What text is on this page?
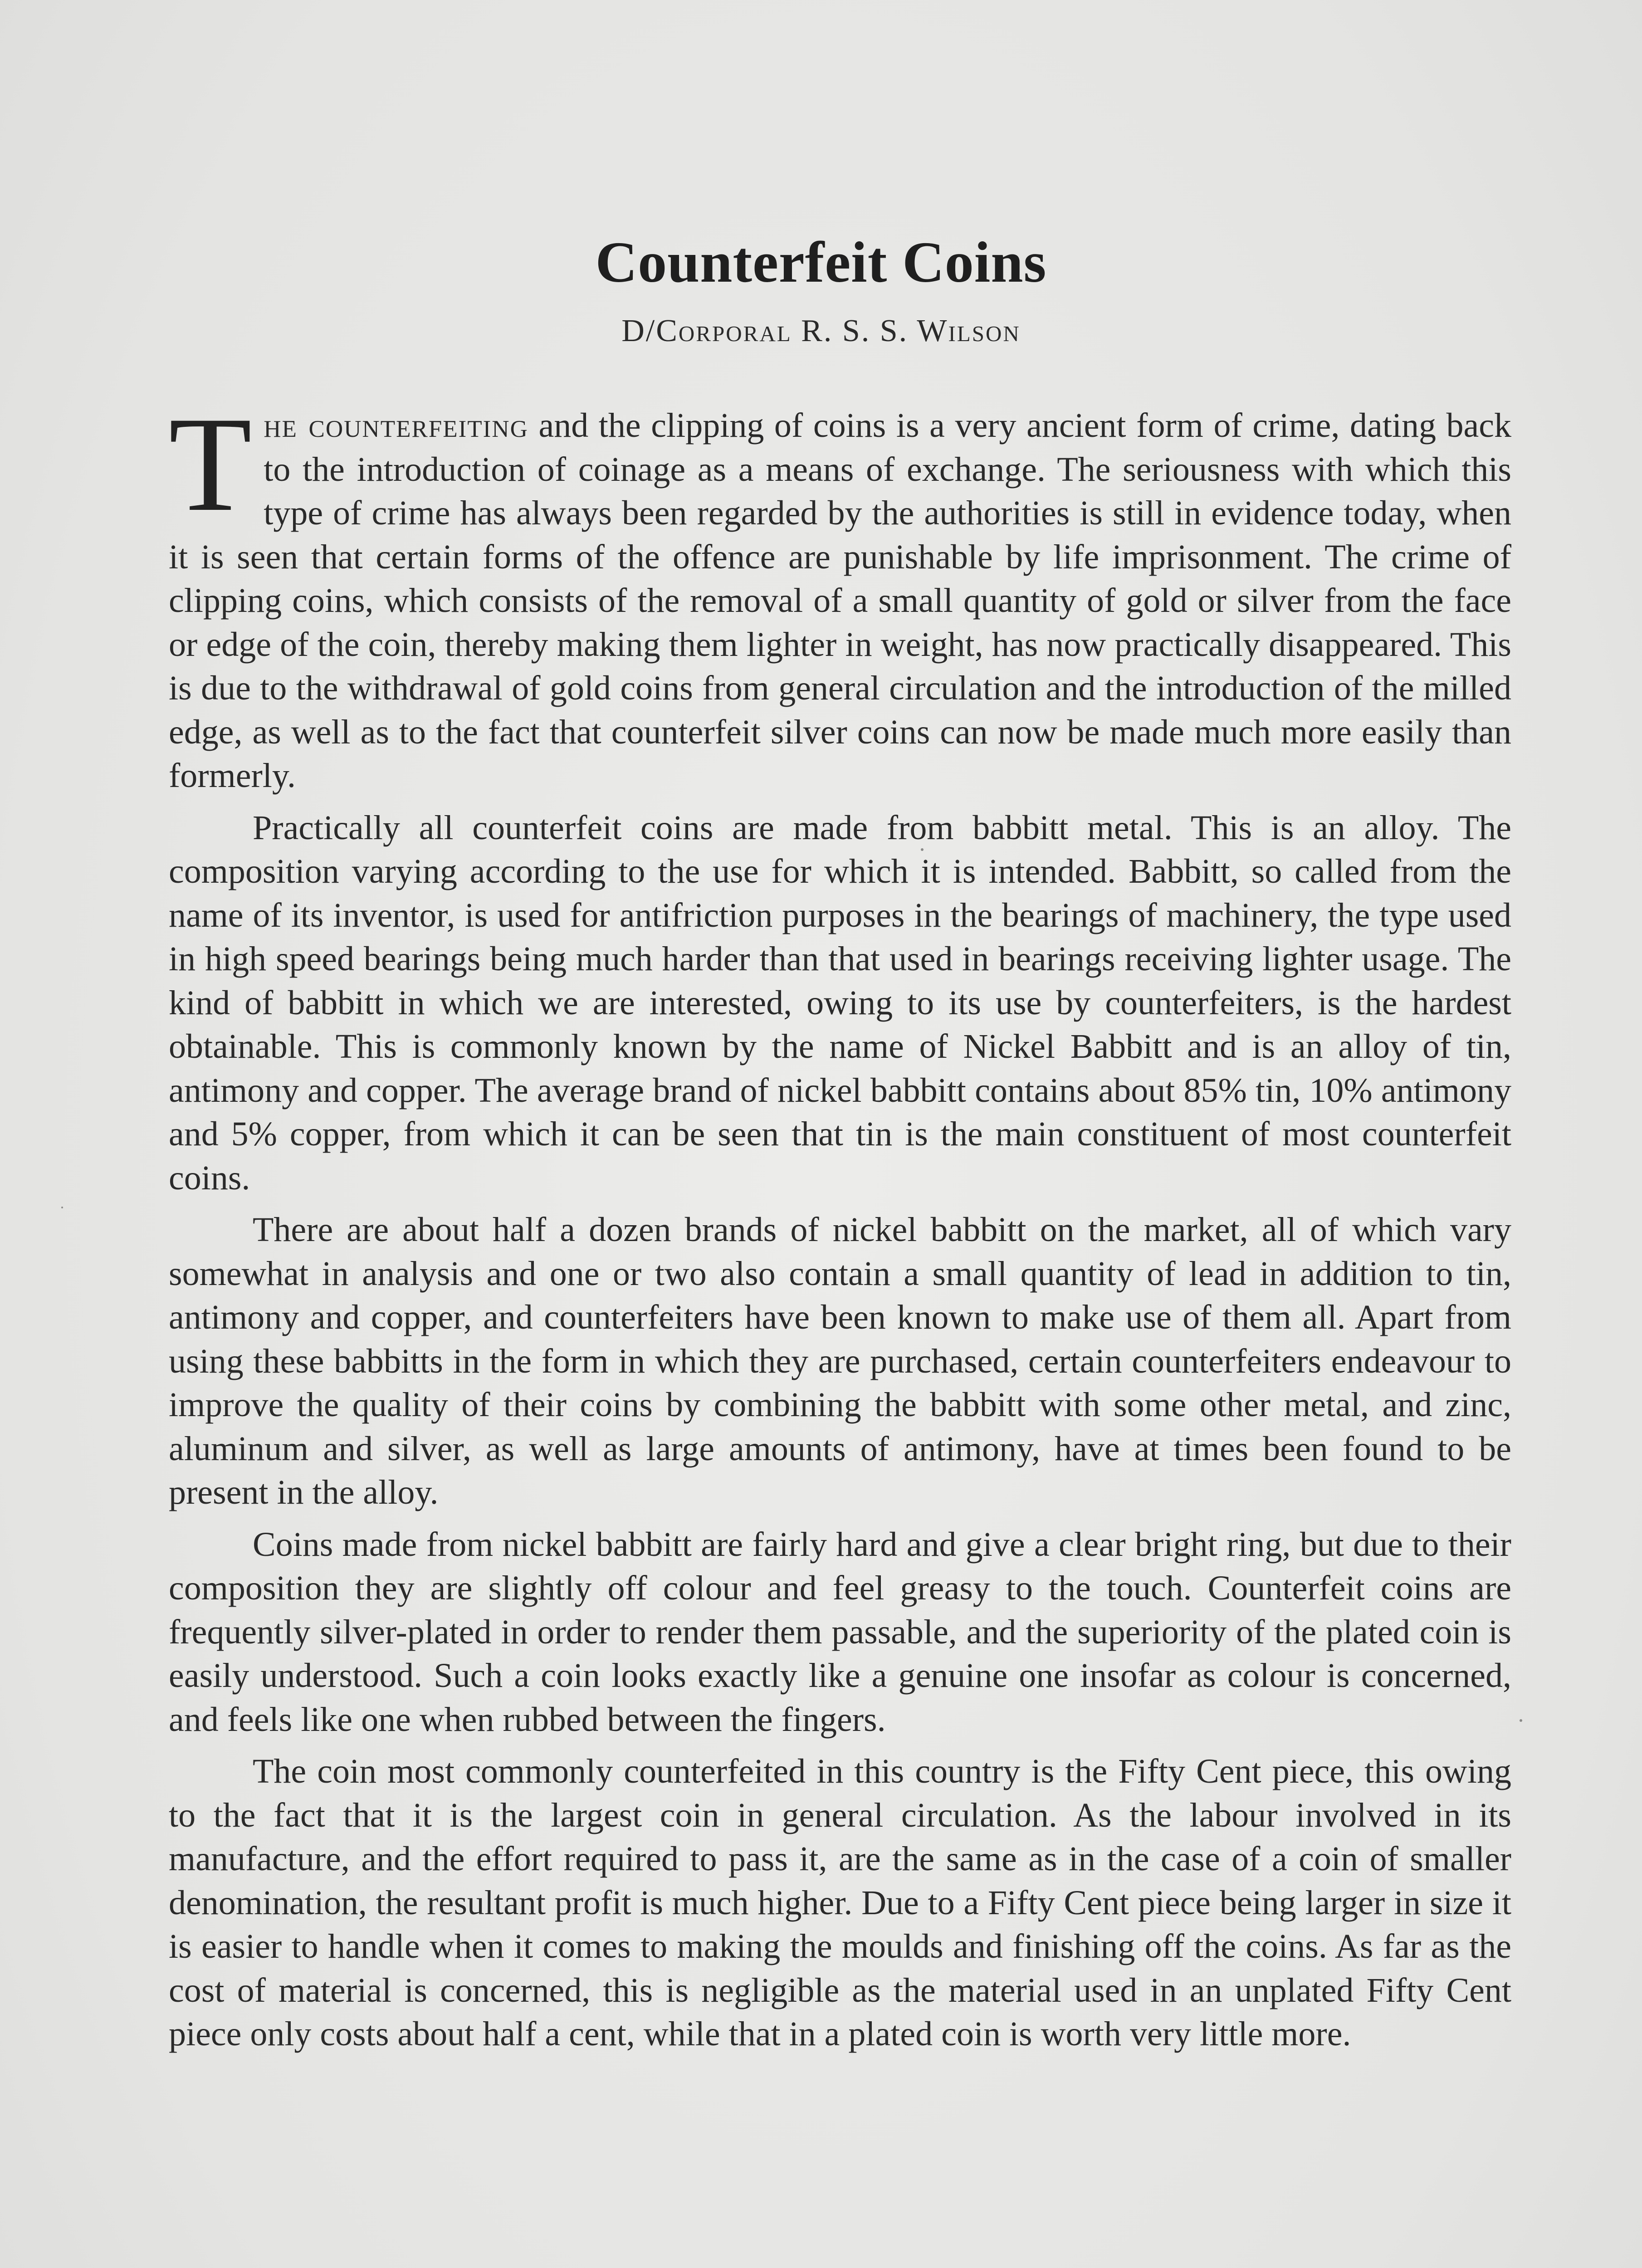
Counterfeit Coins

D/Corporal R. S. S. Wilson

The counterfeiting and the clipping of coins is a very ancient form of crime, dating back to the introduction of coinage as a means of exchange. The seriousness with which this type of crime has always been regarded by the authorities is still in evidence today, when it is seen that certain forms of the offence are punishable by life imprisonment. The crime of clipping coins, which consists of the removal of a small quantity of gold or silver from the face or edge of the coin, thereby making them lighter in weight, has now practically disappeared. This is due to the withdrawal of gold coins from general circulation and the introduction of the milled edge, as well as to the fact that counterfeit silver coins can now be made much more easily than formerly.

Practically all counterfeit coins are made from babbitt metal. This is an alloy. The composition varying according to the use for which it is intended. Babbitt, so called from the name of its inventor, is used for antifriction purposes in the bearings of machinery, the type used in high speed bearings being much harder than that used in bearings receiving lighter usage. The kind of babbitt in which we are interested, owing to its use by counterfeiters, is the hardest obtainable. This is commonly known by the name of Nickel Babbitt and is an alloy of tin, antimony and copper. The average brand of nickel babbitt contains about 85% tin, 10% antimony and 5% copper, from which it can be seen that tin is the main constituent of most counterfeit coins.

There are about half a dozen brands of nickel babbitt on the market, all of which vary somewhat in analysis and one or two also contain a small quantity of lead in addition to tin, antimony and copper, and counterfeiters have been known to make use of them all. Apart from using these babbitts in the form in which they are purchased, certain counterfeiters endeavour to improve the quality of their coins by combining the babbitt with some other metal, and zinc, aluminum and silver, as well as large amounts of antimony, have at times been found to be present in the alloy.

Coins made from nickel babbitt are fairly hard and give a clear bright ring, but due to their composition they are slightly off colour and feel greasy to the touch. Counterfeit coins are frequently silver-plated in order to render them passable, and the superiority of the plated coin is easily understood. Such a coin looks exactly like a genuine one insofar as colour is concerned, and feels like one when rubbed between the fingers.

The coin most commonly counterfeited in this country is the Fifty Cent piece, this owing to the fact that it is the largest coin in general circulation. As the labour involved in its manufacture, and the effort required to pass it, are the same as in the case of a coin of smaller denomination, the resultant profit is much higher. Due to a Fifty Cent piece being larger in size it is easier to handle when it comes to making the moulds and finishing off the coins. As far as the cost of material is concerned, this is negligible as the material used in an unplated Fifty Cent piece only costs about half a cent, while that in a plated coin is worth very little more.
